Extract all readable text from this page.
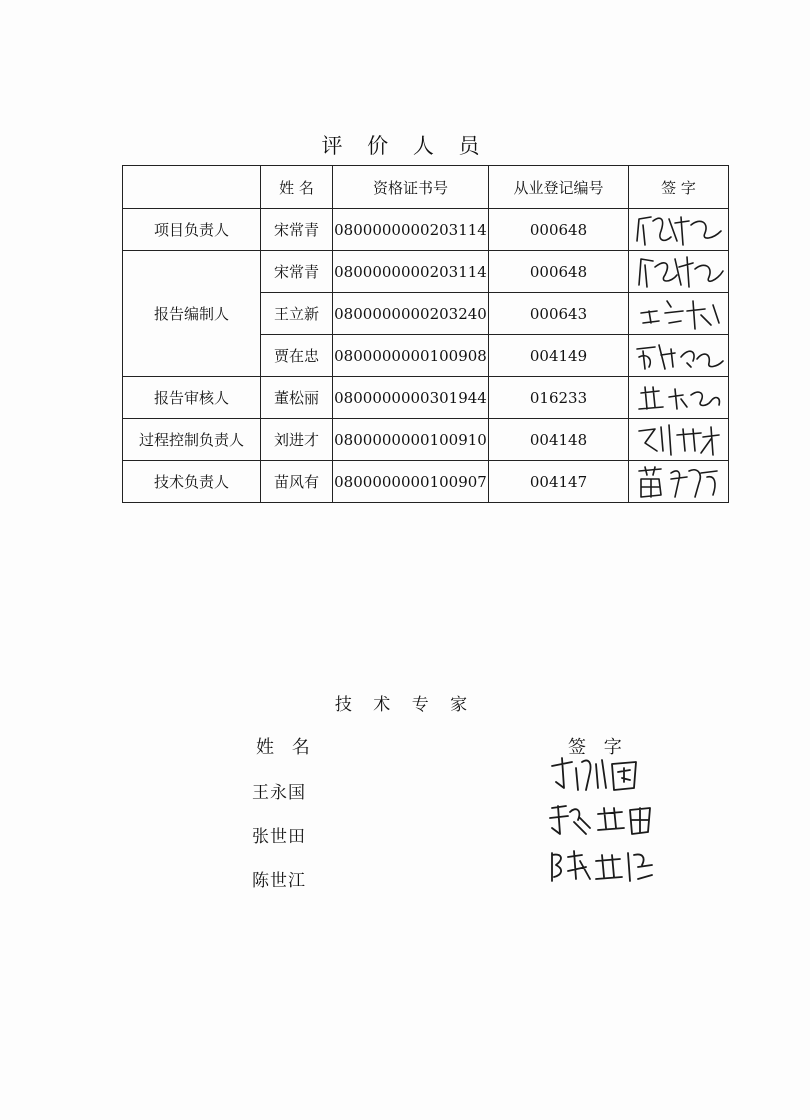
评 价 人 员
	姓 名	资格证书号	从业登记编号	签 字
项目负责人	宋常青	0800000000203114	000648	

报告编制人	宋常青	0800000000203114	000648	

	王立新	0800000000203240	000643	

	贾在忠	0800000000100908	004149	

报告审核人	董松丽	0800000000301944	016233	

过程控制负责人	刘进才	0800000000100910	004148	

技术负责人	苗风有	0800000000100907	004147	
技 术 专 家
姓 名	签 字
王永国
张世田
陈世江
